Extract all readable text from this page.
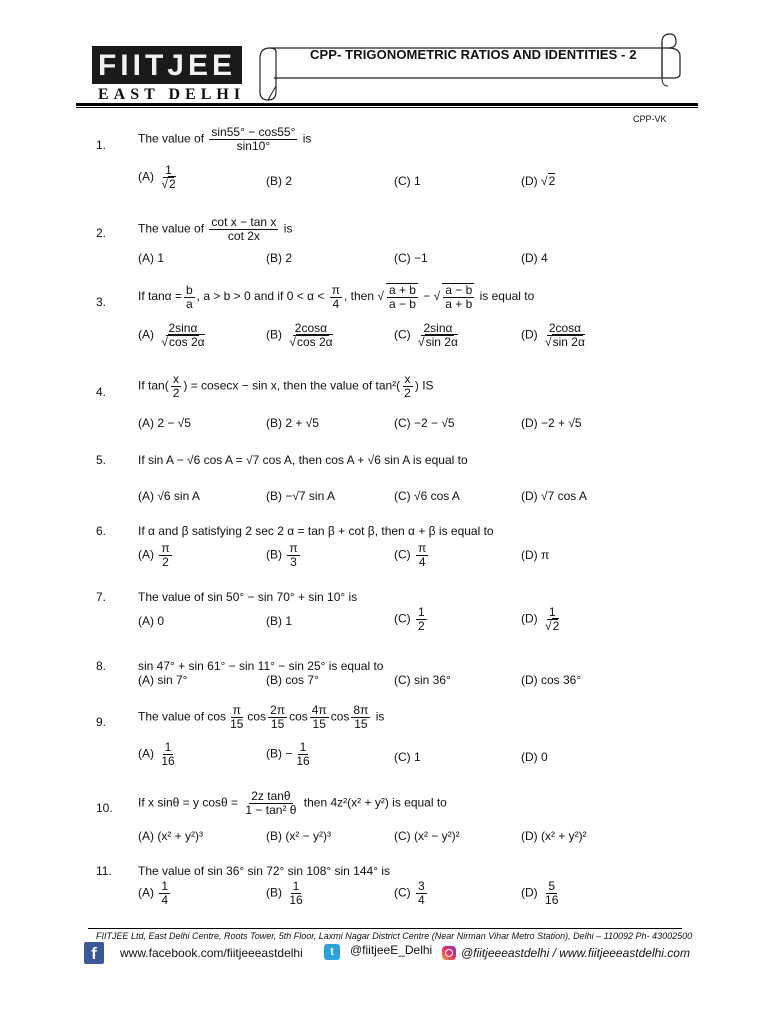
FIITJEE
EAST DELHI
CPP- TRIGONOMETRIC RATIOS AND IDENTITIES - 2
CPP-VK
1.	The value of $\frac{\sin 55^\circ - \cos 55^\circ}{\sin 10^\circ}$ is
$(A) \frac{1}{√2}$	(B) 2	(C) 1	(D) √2
2.	The value of $\frac{\text{cot x − tan x}}{\cot 2x}$ is
(A) 1	(B) 2	(C) −1	(D) 4
3.	If $\tan\alpha = \frac{b}{a}$ , a > b > 0 and if $0 < \alpha < \frac{\pi}{4}$ , then √ $\frac{a + b}{a - b}$ − √ $\frac{a - b}{a + b}$ is equal to
$(A) \frac{2\sin\alpha}{√\cos 2\alpha}$	$(B) \frac{2\cos\alpha}{√\cos 2\alpha}$	$(C) \frac{2\sin\alpha}{√\sin 2\alpha}$	$(D) \frac{2\cos\alpha}{√\sin 2\alpha}$
4.	If $\tan( \frac{x}{2}$ ) = cosecx − sin x, then the value of $\tan^2( \frac{x}{2}$ ) IS
(A) 2 − √5	(B) 2 + √5	(C) −2 − √5	(D) −2 + √5
5.	If sin A − √6 cos A = √7 cos A, then cos A + √6 sin A is equal to
(A) √6 sin A	(B) −√7 sin A	(C) √6 cos A	(D) √7 cos A
6.	If α and β satisfying 2 sec 2 α = tan β + cot β, then α + β is equal to
$(A) \frac{\pi}{2}$	$(B) \frac{\pi}{3}$	$(C) \frac{\pi}{4}$	(D) π
7.	The value of sin 50° − sin 70° + sin 10° is
(A) 0	(B) 1	$(C) \frac{1}{2}$	$(D) \frac{1}{√2}$
8.	sin 47° + sin 61° − sin 11° − sin 25° is equal to
(A) sin 7°	(B) cos 7°	(C) sin 36°	(D) cos 36°
9.	The value of $\cos \frac{\pi}{15}$ $\cos \frac{2\pi}{15}$ $\cos \frac{4\pi}{15}$ $\cos \frac{8\pi}{15}$ is
$(A) \frac{1}{16}$	$(B) - \frac{1}{16}$	(C) 1	(D) 0
10. If x sinθ = y $\cos\theta = \frac{\text{2z tanθ}}{\text{1 − tan² θ}}$ then 4z²(x² + y²) is equal to
(A) (x² + y²)³	(B) (x² − y²)³	(C) (x² − y²)²	(D) (x² + y²)²
11. The value of sin 36° sin 72° sin 108° sin 144° is
$(A) \frac{1}{4}$	$(B) \frac{1}{16}$	$(C) \frac{3}{4}$	$(D) \frac{5}{16}$
FIITJEE Ltd, East Delhi Centre, Roots Tower, 5th Floor, Laxmi Nagar District Centre (Near Nirman Vihar Metro Station), Delhi – 110092 Ph- 43002500
f	www.facebook.com/fiitjeeeastdelhi	t	@fiitjeeE_Delhi @fiitjeeeastdelhi / www.fiitjeeeastdelhi.com
